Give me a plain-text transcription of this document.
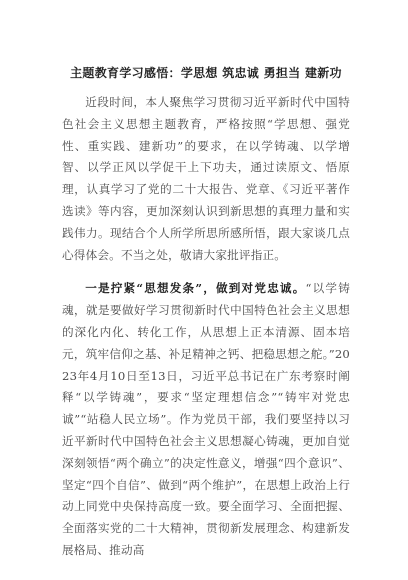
主题教育学习感悟：学思想 筑忠诚 勇担当 建新功

近段时间，本人聚焦学习贯彻习近平新时代中国特色社会主义思想主题教育，严格按照“学思想、强党性、重实践、建新功”的要求，在以学铸魂、以学增智、以学正风以学促干上下功夫，通过读原文、悟原理，认真学习了党的二十大报告、党章、《习近平著作选读》等内容，更加深刻认识到新思想的真理力量和实践伟力。现结合个人所学所思所感所悟，跟大家谈几点心得体会。不当之处，敬请大家批评指正。

一是拧紧“思想发条”，做到对党忠诚。“以学铸魂，就是要做好学习贯彻新时代中国特色社会主义思想的深化内化、转化工作，从思想上正本清源、固本培元，筑牢信仰之基、补足精神之钙、把稳思想之舵。”2023年4月10日至13日，习近平总书记在广东考察时阐释“以学铸魂”，要求“坚定理想信念”“铸牢对党忠诚”“站稳人民立场”。作为党员干部，我们要坚持以习近平新时代中国特色社会主义思想凝心铸魂，更加自觉深刻领悟“两个确立”的决定性意义，增强“四个意识”、坚定“四个自信”、做到“两个维护”，在思想上政治上行动上同党中央保持高度一致。要全面学习、全面把握、全面落实党的二十大精神，贯彻新发展理念、构建新发展格局、推动高
